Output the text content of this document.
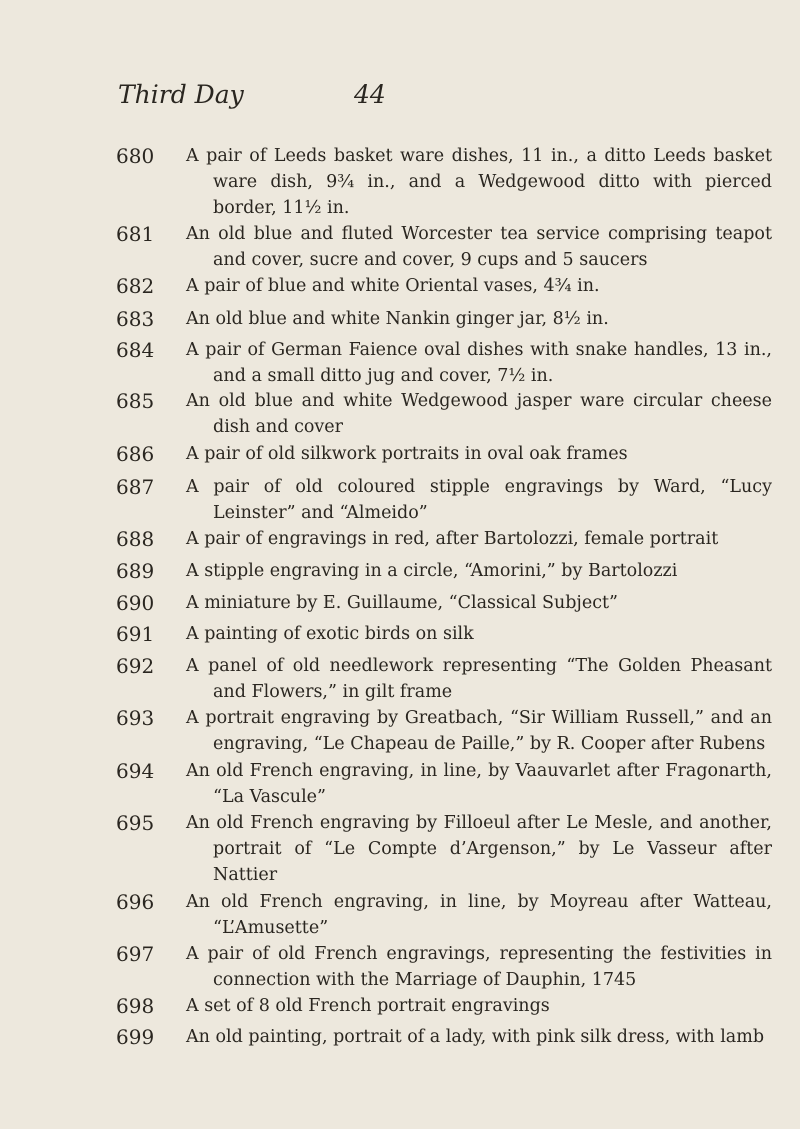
Third Day	44
680	A pair of Leeds basket ware dishes, 11 in., a ditto Leeds basket ware dish, 9¾ in., and a Wedgewood ditto with pierced border, 11½ in.
681	An old blue and fluted Worcester tea service comprising teapot and cover, sucre and cover, 9 cups and 5 saucers
682	A pair of blue and white Oriental vases, 4¾ in.
683	An old blue and white Nankin ginger jar, 8½ in.
684	A pair of German Faience oval dishes with snake handles, 13 in., and a small ditto jug and cover, 7½ in.
685	An old blue and white Wedgewood jasper ware circular cheese dish and cover
686	A pair of old silkwork portraits in oval oak frames
687	A pair of old coloured stipple engravings by Ward, “Lucy Leinster” and “Almeido”
688	A pair of engravings in red, after Bartolozzi, female portrait
689	A stipple engraving in a circle, “Amorini,” by Bartolozzi
690	A miniature by E. Guillaume, “Classical Subject”
691	A painting of exotic birds on silk
692	A panel of old needlework representing “The Golden Pheasant and Flowers,” in gilt frame
693	A portrait engraving by Greatbach, “Sir William Russell,” and an engraving, “Le Chapeau de Paille,” by R. Cooper after Rubens
694	An old French engraving, in line, by Vaauvarlet after Fragonarth, “La Vascule”
695	An old French engraving by Filloeul after Le Mesle, and another, portrait of “Le Compte d’Argenson,” by Le Vasseur after Nattier
696	An old French engraving, in line, by Moyreau after Watteau, “L’Amusette”
697	A pair of old French engravings, representing the festivities in connection with the Marriage of Dauphin, 1745
698	A set of 8 old French portrait engravings
699	An old painting, portrait of a lady, with pink silk dress, with lamb
